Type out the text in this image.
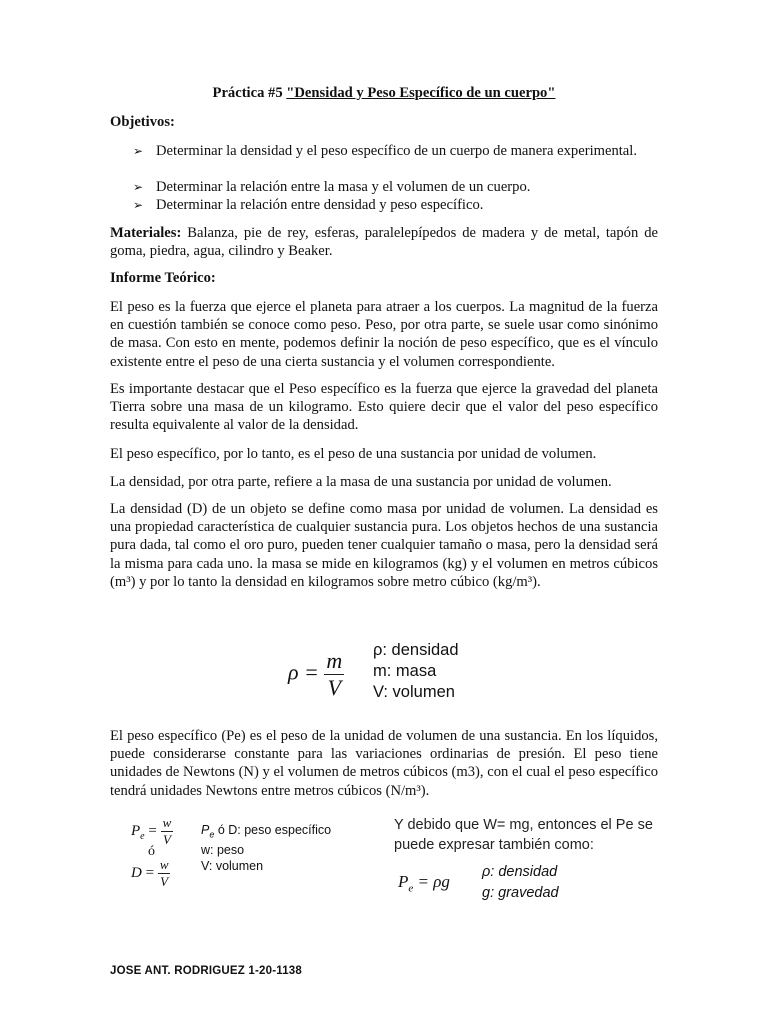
Práctica #5 "Densidad y Peso Específico de un cuerpo"
Objetivos:
➢ Determinar la densidad y el peso específico de un cuerpo de manera experimental.
➢ Determinar la relación entre la masa y el volumen de un cuerpo.
➢ Determinar la relación entre densidad y peso específico.
Materiales: Balanza, pie de rey, esferas, paralelepípedos de madera y de metal, tapón de goma, piedra, agua, cilindro y Beaker.
Informe Teórico:
El peso es la fuerza que ejerce el planeta para atraer a los cuerpos. La magnitud de la fuerza en cuestión también se conoce como peso. Peso, por otra parte, se suele usar como sinónimo de masa. Con esto en mente, podemos definir la noción de peso específico, que es el vínculo existente entre el peso de una cierta sustancia y el volumen correspondiente.
Es importante destacar que el Peso específico es la fuerza que ejerce la gravedad del planeta Tierra sobre una masa de un kilogramo. Esto quiere decir que el valor del peso específico resulta equivalente al valor de la densidad.
El peso específico, por lo tanto, es el peso de una sustancia por unidad de volumen.
La densidad, por otra parte, refiere a la masa de una sustancia por unidad de volumen.
La densidad (D) de un objeto se define como masa por unidad de volumen. La densidad es una propiedad característica de cualquier sustancia pura. Los objetos hechos de una sustancia pura dada, tal como el oro puro, pueden tener cualquier tamaño o masa, pero la densidad será la misma para cada uno. la masa se mide en kilogramos (kg) y el volumen en metros cúbicos (m³) y por lo tanto la densidad en kilogramos sobre metro cúbico (kg/m³).
$\rho = \frac{m}{V} \rho$: densidad
m: masa
V: volumen
El peso específico (Pe) es el peso de la unidad de volumen de una sustancia. En los líquidos, puede considerarse constante para las variaciones ordinarias de presión. El peso tiene unidades de Newtons (N) y el volumen de metros cúbicos (m3), con el cual el peso específico tendrá unidades Newtons entre metros cúbicos (N/m³).
$P_e = \frac{w}{V}$
ó
$D = \frac{w}{V}$
$P_e$ ó D: peso específico
w: peso
V: volumen
Y debido que W= mg, entonces el Pe se
puede expresar también como:
$P_e = \rho g$ ρ: densidad
g: gravedad
JOSE ANT. RODRIGUEZ 1-20-1138
